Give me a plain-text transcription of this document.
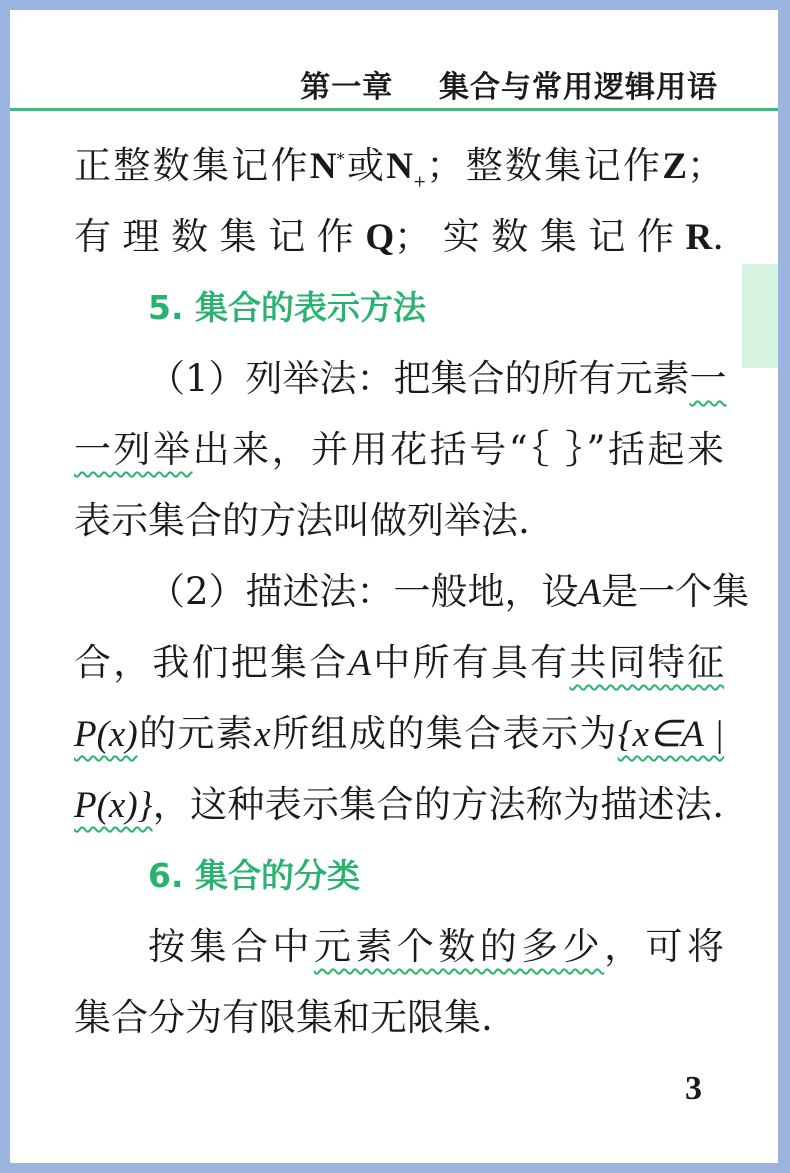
第一章    集合与常用逻辑用语
正整数集记作N*或$N_+$；整数集记作Z；
有理数集记作Q；实数集记作R.
5. 集合的表示方法
（1）列举法：把集合的所有元素一
一列举出来，并用花括号“｛ ｝”括起来
表示集合的方法叫做列举法.
（2）描述法：一般地，设A是一个集
合，我们把集合A中所有具有共同特征
P(x)的元素x所组成的集合表示为{x∈A |
P(x)}，这种表示集合的方法称为描述法.
6. 集合的分类
按集合中元素个数的多少，可将
集合分为有限集和无限集.
3
